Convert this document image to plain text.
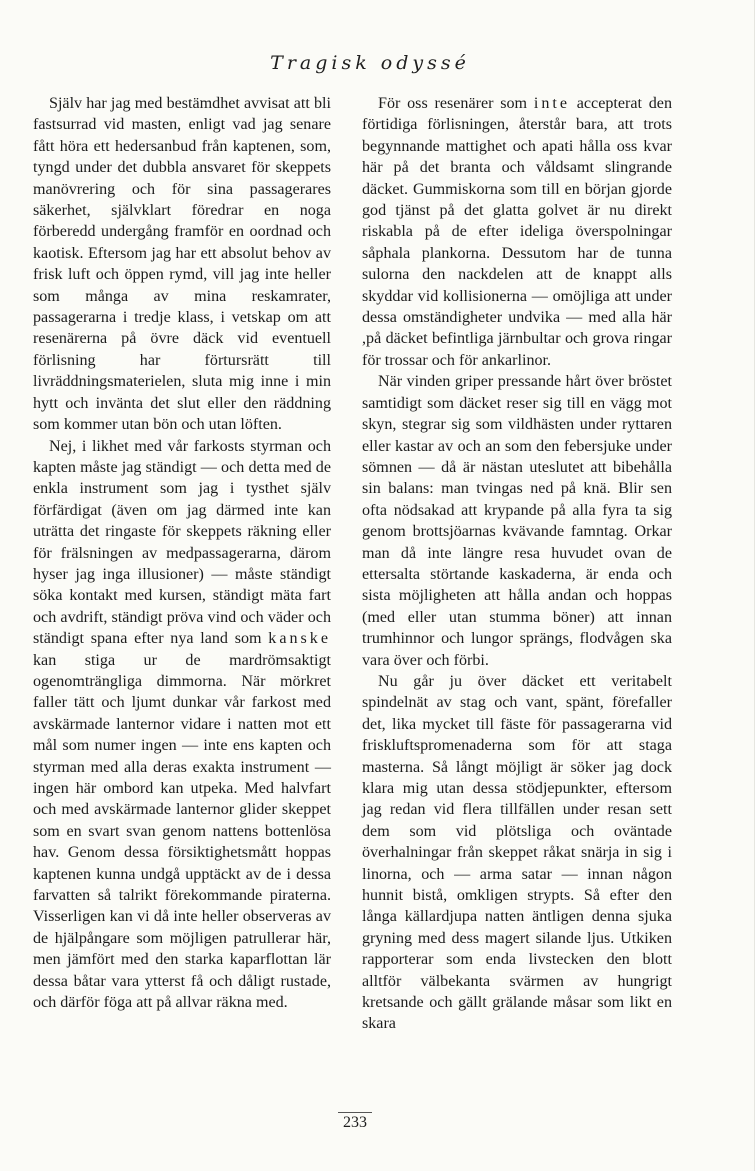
Tragisk odyssé

Själv har jag med bestämdhet avvisat att bli fastsurrad vid masten, enligt vad jag senare fått höra ett hedersanbud från kaptenen, som, tyngd under det dubbla ansvaret för skeppets manövrering och för sina passagerares säkerhet, självklart föredrar en noga förberedd undergång framför en oordnad och kaotisk. Eftersom jag har ett absolut behov av frisk luft och öppen rymd, vill jag inte heller som många av mina reskamrater, passagerarna i tredje klass, i vetskap om att resenärerna på övre däck vid eventuell förlisning har förtursrätt till livräddningsmaterielen, sluta mig inne i min hytt och invänta det slut eller den räddning som kommer utan bön och utan löften.

Nej, i likhet med vår farkosts styrman och kapten måste jag ständigt — och detta med de enkla instrument som jag i tysthet själv förfärdigat (även om jag därmed inte kan uträtta det ringaste för skeppets räkning eller för frälsningen av medpassagerarna, därom hyser jag inga illusioner) — måste ständigt söka kontakt med kursen, ständigt mäta fart och avdrift, ständigt pröva vind och väder och ständigt spana efter nya land som kanske kan stiga ur de mardrömsaktigt ogenomträngliga dimmorna. När mörkret faller tätt och ljumt dunkar vår farkost med avskärmade lanternor vidare i natten mot ett mål som numer ingen — inte ens kapten och styrman med alla deras exakta instrument — ingen här ombord kan utpeka. Med halvfart och med avskärmade lanternor glider skeppet som en svart svan genom nattens bottenlösa hav. Genom dessa försiktighetsmått hoppas kaptenen kunna undgå upptäckt av de i dessa farvatten så talrikt förekommande piraterna. Visserligen kan vi då inte heller observeras av de hjälpångare som möjligen patrullerar här, men jämfört med den starka kaparflottan lär dessa båtar vara ytterst få och dåligt rustade, och därför föga att på allvar räkna med.

För oss resenärer som inte accepterat den förtidiga förlisningen, återstår bara, att trots begynnande mattighet och apati hålla oss kvar här på det branta och våldsamt slingrande däcket. Gummiskorna som till en början gjorde god tjänst på det glatta golvet är nu direkt riskabla på de efter ideliga överspolningar såphala plankorna. Dessutom har de tunna sulorna den nackdelen att de knappt alls skyddar vid kollisionerna — omöjliga att under dessa omständigheter undvika — med alla här ,på däcket befintliga järnbultar och grova ringar för trossar och för ankarlinor.

När vinden griper pressande hårt över bröstet samtidigt som däcket reser sig till en vägg mot skyn, stegrar sig som vildhästen under ryttaren eller kastar av och an som den febersjuke under sömnen — då är nästan uteslutet att bibehålla sin balans: man tvingas ned på knä. Blir sen ofta nödsakad att krypande på alla fyra ta sig genom brottsjöarnas kvävande famntag. Orkar man då inte längre resa huvudet ovan de ettersalta störtande kaskaderna, är enda och sista möjligheten att hålla andan och hoppas (med eller utan stumma böner) att innan trumhinnor och lungor sprängs, flodvågen ska vara över och förbi.

Nu går ju över däcket ett veritabelt spindelnät av stag och vant, spänt, förefaller det, lika mycket till fäste för passagerarna vid friskluftspromenaderna som för att staga masterna. Så långt möjligt är söker jag dock klara mig utan dessa stödjepunkter, eftersom jag redan vid flera tillfällen under resan sett dem som vid plötsliga och oväntade överhalningar från skeppet råkat snärja in sig i linorna, och — arma satar — innan någon hunnit bistå, omkligen strypts. Så efter den långa källardjupa natten äntligen denna sjuka gryning med dess magert silande ljus. Utkiken rapporterar som enda livstecken den blott alltför välbekanta svärmen av hungrigt kretsande och gällt grälande måsar som likt en skara

233
